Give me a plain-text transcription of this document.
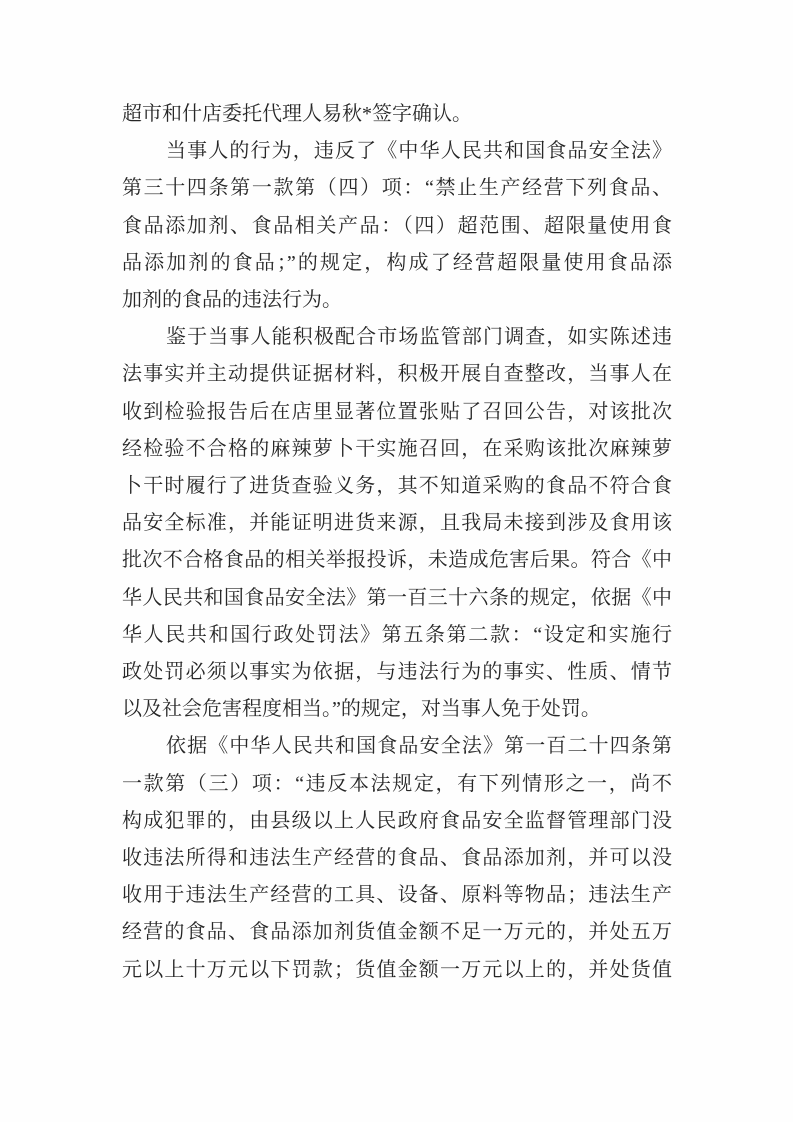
超市和什店委托代理人易秋*签字确认。
当事人的行为，违反了《中华人民共和国食品安全法》
第三十四条第一款第（四）项：“禁止生产经营下列食品、
食品添加剂、食品相关产品：（四）超范围、超限量使用食
品添加剂的食品；”的规定，构成了经营超限量使用食品添
加剂的食品的违法行为。
鉴于当事人能积极配合市场监管部门调查，如实陈述违
法事实并主动提供证据材料，积极开展自查整改，当事人在
收到检验报告后在店里显著位置张贴了召回公告，对该批次
经检验不合格的麻辣萝卜干实施召回，在采购该批次麻辣萝
卜干时履行了进货查验义务，其不知道采购的食品不符合食
品安全标准，并能证明进货来源，且我局未接到涉及食用该
批次不合格食品的相关举报投诉，未造成危害后果。符合《中
华人民共和国食品安全法》第一百三十六条的规定，依据《中
华人民共和国行政处罚法》第五条第二款：“设定和实施行
政处罚必须以事实为依据，与违法行为的事实、性质、情节
以及社会危害程度相当。”的规定，对当事人免于处罚。
依据《中华人民共和国食品安全法》第一百二十四条第
一款第（三）项：“违反本法规定，有下列情形之一，尚不
构成犯罪的，由县级以上人民政府食品安全监督管理部门没
收违法所得和违法生产经营的食品、食品添加剂，并可以没
收用于违法生产经营的工具、设备、原料等物品；违法生产
经营的食品、食品添加剂货值金额不足一万元的，并处五万
元以上十万元以下罚款；货值金额一万元以上的，并处货值
